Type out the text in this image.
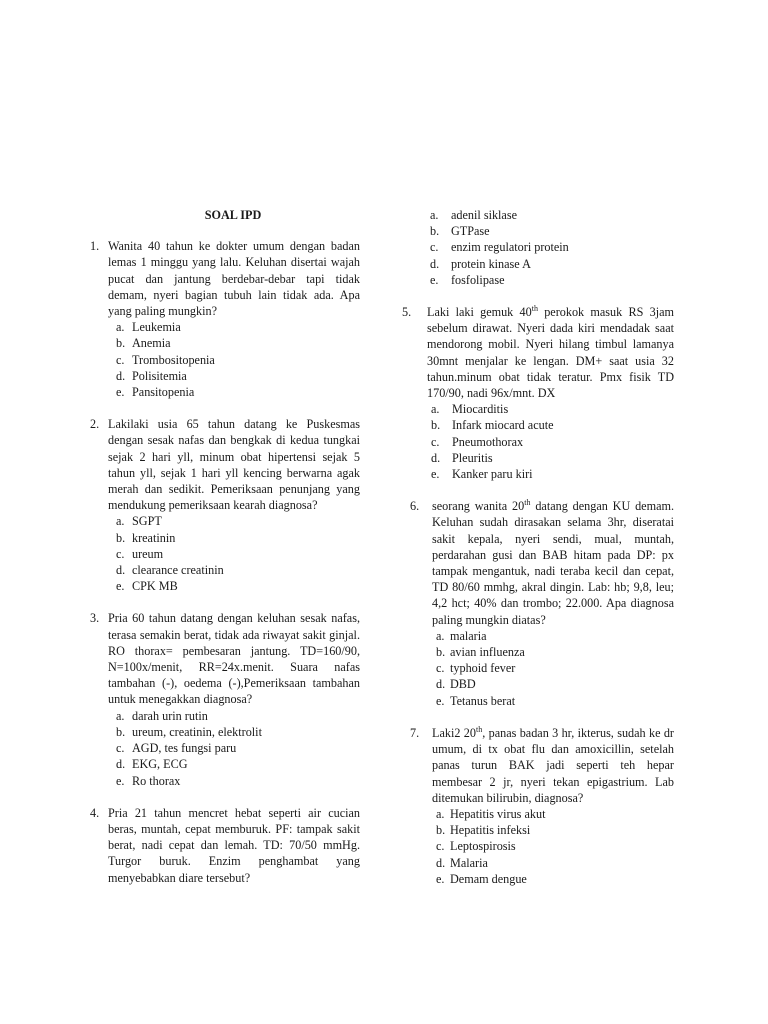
SOAL IPD
1. Wanita 40 tahun ke dokter umum dengan badan lemas 1 minggu yang lalu. Keluhan disertai wajah pucat dan jantung berdebar-debar tapi tidak demam, nyeri bagian tubuh lain tidak ada. Apa yang paling mungkin?
a. Leukemia
b. Anemia
c. Trombositopenia
d. Polisitemia
e. Pansitopenia
2. Lakilaki usia 65 tahun datang ke Puskesmas dengan sesak nafas dan bengkak di kedua tungkai sejak 2 hari yll, minum obat hipertensi sejak 5 tahun yll, sejak 1 hari yll kencing berwarna agak merah dan sedikit. Pemeriksaan penunjang yang mendukung pemeriksaan kearah diagnosa?
a. SGPT
b. kreatinin
c. ureum
d. clearance creatinin
e. CPK MB
3. Pria 60 tahun datang dengan keluhan sesak nafas, terasa semakin berat, tidak ada riwayat sakit ginjal. RO thorax= pembesaran jantung. TD=160/90, N=100x/menit, RR=24x.menit. Suara nafas tambahan (-), oedema (-),Pemeriksaan tambahan untuk menegakkan diagnosa?
a. darah urin rutin
b. ureum, creatinin, elektrolit
c. AGD, tes fungsi paru
d. EKG, ECG
e. Ro thorax
4. Pria 21 tahun mencret hebat seperti air cucian beras, muntah, cepat memburuk. PF: tampak sakit berat, nadi cepat dan lemah. TD: 70/50 mmHg. Turgor buruk. Enzim penghambat yang menyebabkan diare tersebut?
a.	adenil siklase
b. GTPase
c.	enzim regulatori protein
d. protein kinase A
e.	fosfolipase
5.	Laki laki gemuk 40th perokok masuk RS 3jam sebelum dirawat. Nyeri dada kiri mendadak saat mendorong mobil. Nyeri hilang timbul lamanya 30mnt menjalar ke lengan. DM+ saat usia 32 tahun.minum obat tidak teratur. Pmx fisik TD 170/90, nadi 96x/mnt. DX
a.	Miocarditis
b. Infark miocard acute
c.	Pneumothorax
d. Pleuritis
e.	Kanker paru kiri
6.	seorang wanita 20th datang dengan KU demam. Keluhan sudah dirasakan selama 3hr, diseratai sakit kepala, nyeri sendi, mual, muntah, perdarahan gusi dan BAB hitam pada DP: px tampak mengantuk, nadi teraba kecil dan cepat, TD 80/60 mmhg, akral dingin. Lab: hb; 9,8, leu; 4,2 hct; 40% dan trombo; 22.000. Apa diagnosa paling mungkin diatas?
a. malaria
b. avian influenza
c. typhoid fever
d. DBD
e. Tetanus berat
7.	Laki2 20th, panas badan 3 hr, ikterus, sudah ke dr umum, di tx obat flu dan amoxicillin, setelah panas turun BAK jadi seperti teh hepar membesar 2 jr, nyeri tekan epigastrium. Lab ditemukan bilirubin, diagnosa?
a. Hepatitis virus akut
b. Hepatitis infeksi
c. Leptospirosis
d. Malaria
e. Demam dengue
